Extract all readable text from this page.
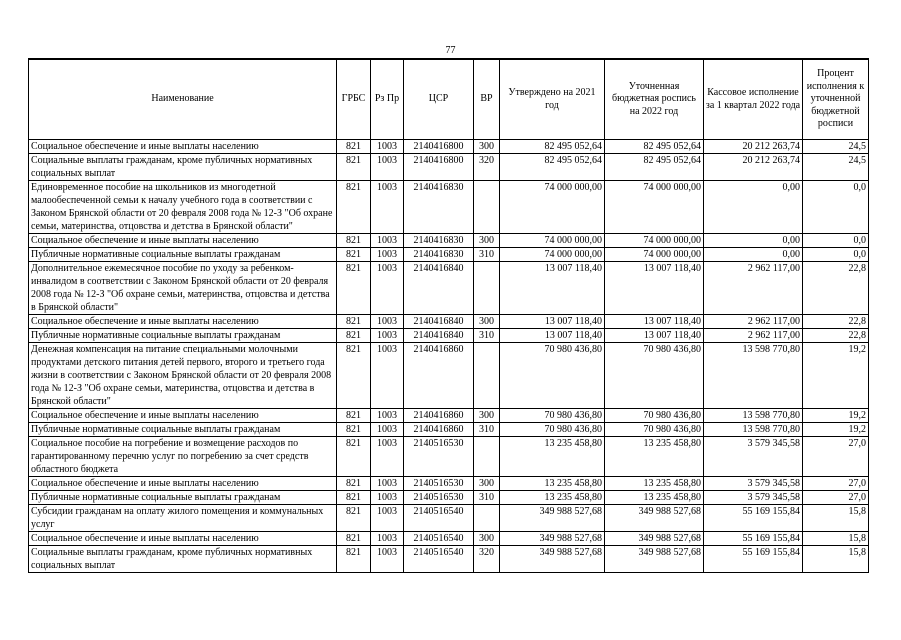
77
Наименование	ГРБС	Рз Пр	ЦСР	ВР	Утверждено на 2021 год	Уточненная бюджетная роспись на 2022 год	Кассовое исполнение за 1 квартал 2022 года	Процент исполнения к уточненной бюджетной росписи
Социальное обеспечение и иные выплаты населению	821	1003	2140416800	300	82 495 052,64	82 495 052,64	20 212 263,74	24,5
Социальные выплаты гражданам, кроме публичных нормативных социальных выплат	821	1003	2140416800	320	82 495 052,64	82 495 052,64	20 212 263,74	24,5
Единовременное пособие на школьников из многодетной малообеспеченной семьи к началу учебного года в соответствии с Законом Брянской области от 20 февраля 2008 года № 12-З "Об охране семьи, материнства, отцовства и детства в Брянской области"	821	1003	2140416830		74 000 000,00	74 000 000,00	0,00	0,0
Социальное обеспечение и иные выплаты населению	821	1003	2140416830	300	74 000 000,00	74 000 000,00	0,00	0,0
Публичные нормативные социальные выплаты гражданам	821	1003	2140416830	310	74 000 000,00	74 000 000,00	0,00	0,0
Дополнительное ежемесячное пособие по уходу за ребенком-инвалидом в соответствии с Законом Брянской области от 20 февраля 2008 года № 12-З "Об охране семьи, материнства, отцовства и детства в Брянской области"	821	1003	2140416840		13 007 118,40	13 007 118,40	2 962 117,00	22,8
Социальное обеспечение и иные выплаты населению	821	1003	2140416840	300	13 007 118,40	13 007 118,40	2 962 117,00	22,8
Публичные нормативные социальные выплаты гражданам	821	1003	2140416840	310	13 007 118,40	13 007 118,40	2 962 117,00	22,8
Денежная компенсация на питание специальными молочными продуктами детского питания детей первого, второго и третьего года жизни в соответствии с Законом Брянской области от 20 февраля 2008 года № 12-З "Об охране семьи, материнства, отцовства и детства в Брянской области"	821	1003	2140416860		70 980 436,80	70 980 436,80	13 598 770,80	19,2
Социальное обеспечение и иные выплаты населению	821	1003	2140416860	300	70 980 436,80	70 980 436,80	13 598 770,80	19,2
Публичные нормативные социальные выплаты гражданам	821	1003	2140416860	310	70 980 436,80	70 980 436,80	13 598 770,80	19,2
Социальное пособие на погребение и возмещение расходов по гарантированному перечню услуг по погребению за счет средств областного бюджета	821	1003	2140516530		13 235 458,80	13 235 458,80	3 579 345,58	27,0
Социальное обеспечение и иные выплаты населению	821	1003	2140516530	300	13 235 458,80	13 235 458,80	3 579 345,58	27,0
Публичные нормативные социальные выплаты гражданам	821	1003	2140516530	310	13 235 458,80	13 235 458,80	3 579 345,58	27,0
Субсидии гражданам на оплату жилого помещения и коммунальных услуг	821	1003	2140516540		349 988 527,68	349 988 527,68	55 169 155,84	15,8
Социальное обеспечение и иные выплаты населению	821	1003	2140516540	300	349 988 527,68	349 988 527,68	55 169 155,84	15,8
Социальные выплаты гражданам, кроме публичных нормативных социальных выплат	821	1003	2140516540	320	349 988 527,68	349 988 527,68	55 169 155,84	15,8
